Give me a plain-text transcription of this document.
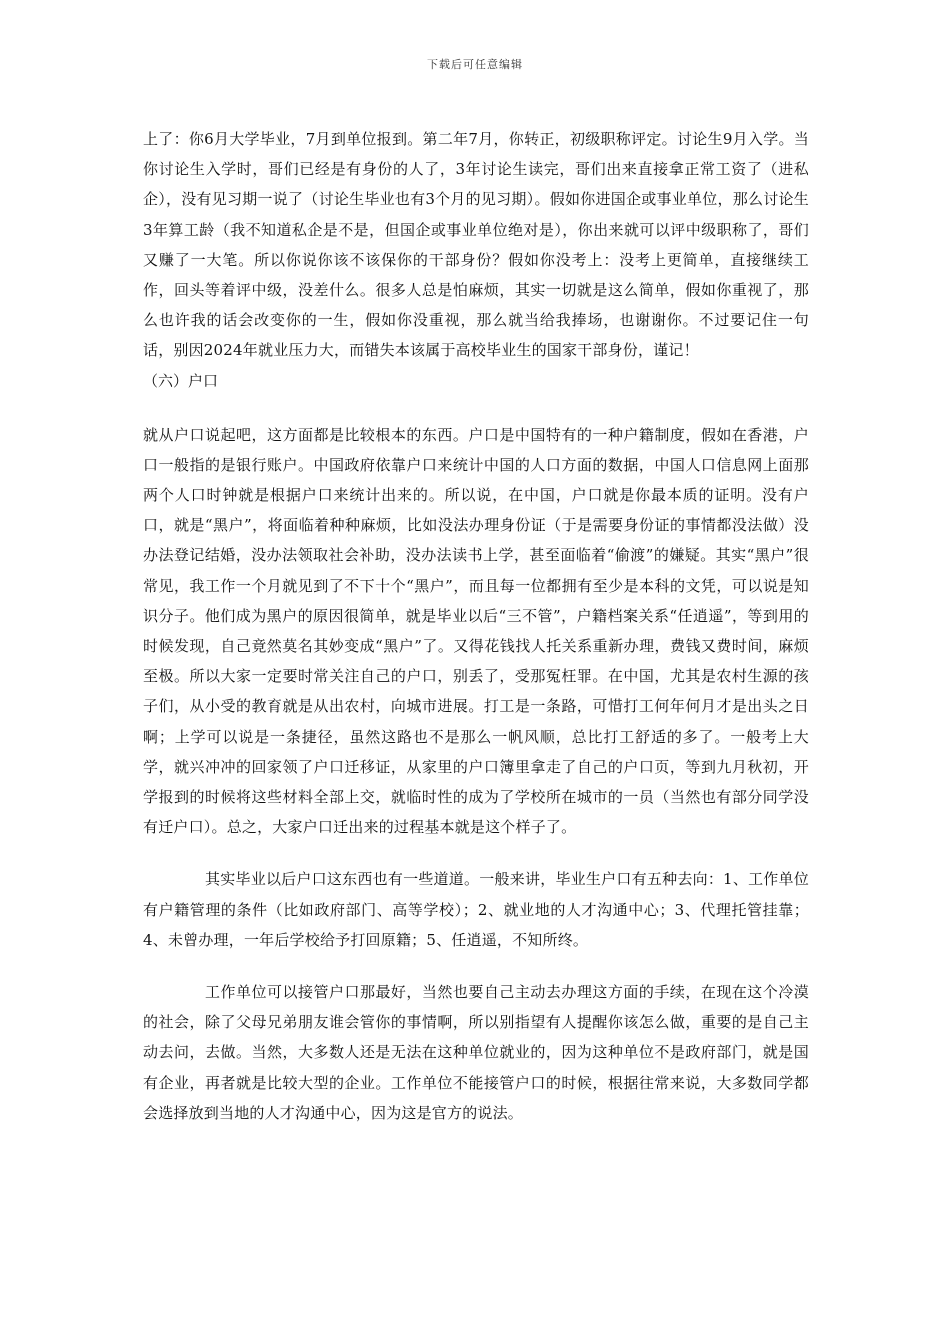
下载后可任意编辑

上了：你6月大学毕业，7月到单位报到。第二年7月，你转正，初级职称评定。讨论生9月入学。当你讨论生入学时，哥们已经是有身份的人了，3年讨论生读完，哥们出来直接拿正常工资了（进私企），没有见习期一说了（讨论生毕业也有3个月的见习期）。假如你进国企或事业单位，那么讨论生3年算工龄（我不知道私企是不是，但国企或事业单位绝对是），你出来就可以评中级职称了，哥们又赚了一大笔。所以你说你该不该保你的干部身份？假如你没考上：没考上更简单，直接继续工作，回头等着评中级，没差什么。很多人总是怕麻烦，其实一切就是这么简单，假如你重视了，那么也许我的话会改变你的一生，假如你没重视，那么就当给我捧场，也谢谢你。不过要记住一句话，别因2024年就业压力大，而错失本该属于高校毕业生的国家干部身份，谨记！

（六）户口

就从户口说起吧，这方面都是比较根本的东西。户口是中国特有的一种户籍制度，假如在香港，户口一般指的是银行账户。中国政府依靠户口来统计中国的人口方面的数据，中国人口信息网上面那两个人口时钟就是根据户口来统计出来的。所以说，在中国，户口就是你最本质的证明。没有户口，就是“黑户”，将面临着种种麻烦，比如没法办理身份证（于是需要身份证的事情都没法做）没办法登记结婚，没办法领取社会补助，没办法读书上学，甚至面临着“偷渡”的嫌疑。其实“黑户”很常见，我工作一个月就见到了不下十个“黑户”，而且每一位都拥有至少是本科的文凭，可以说是知识分子。他们成为黑户的原因很简单，就是毕业以后“三不管”，户籍档案关系“任逍遥”，等到用的时候发现，自己竟然莫名其妙变成“黑户”了。又得花钱找人托关系重新办理，费钱又费时间，麻烦至极。所以大家一定要时常关注自己的户口，别丢了，受那冤枉罪。在中国，尤其是农村生源的孩子们，从小受的教育就是从出农村，向城市进展。打工是一条路，可惜打工何年何月才是出头之日啊；上学可以说是一条捷径，虽然这路也不是那么一帆风顺，总比打工舒适的多了。一般考上大学，就兴冲冲的回家领了户口迁移证，从家里的户口簿里拿走了自己的户口页，等到九月秋初，开学报到的时候将这些材料全部上交，就临时性的成为了学校所在城市的一员（当然也有部分同学没有迁户口）。总之，大家户口迁出来的过程基本就是这个样子了。

其实毕业以后户口这东西也有一些道道。一般来讲，毕业生户口有五种去向：1、工作单位有户籍管理的条件（比如政府部门、高等学校）；2、就业地的人才沟通中心；3、代理托管挂靠；4、未曾办理，一年后学校给予打回原籍；5、任逍遥，不知所终。

工作单位可以接管户口那最好，当然也要自己主动去办理这方面的手续，在现在这个冷漠的社会，除了父母兄弟朋友谁会管你的事情啊，所以别指望有人提醒你该怎么做，重要的是自己主动去问，去做。当然，大多数人还是无法在这种单位就业的，因为这种单位不是政府部门，就是国有企业，再者就是比较大型的企业。工作单位不能接管户口的时候，根据往常来说，大多数同学都会选择放到当地的人才沟通中心，因为这是官方的说法。
